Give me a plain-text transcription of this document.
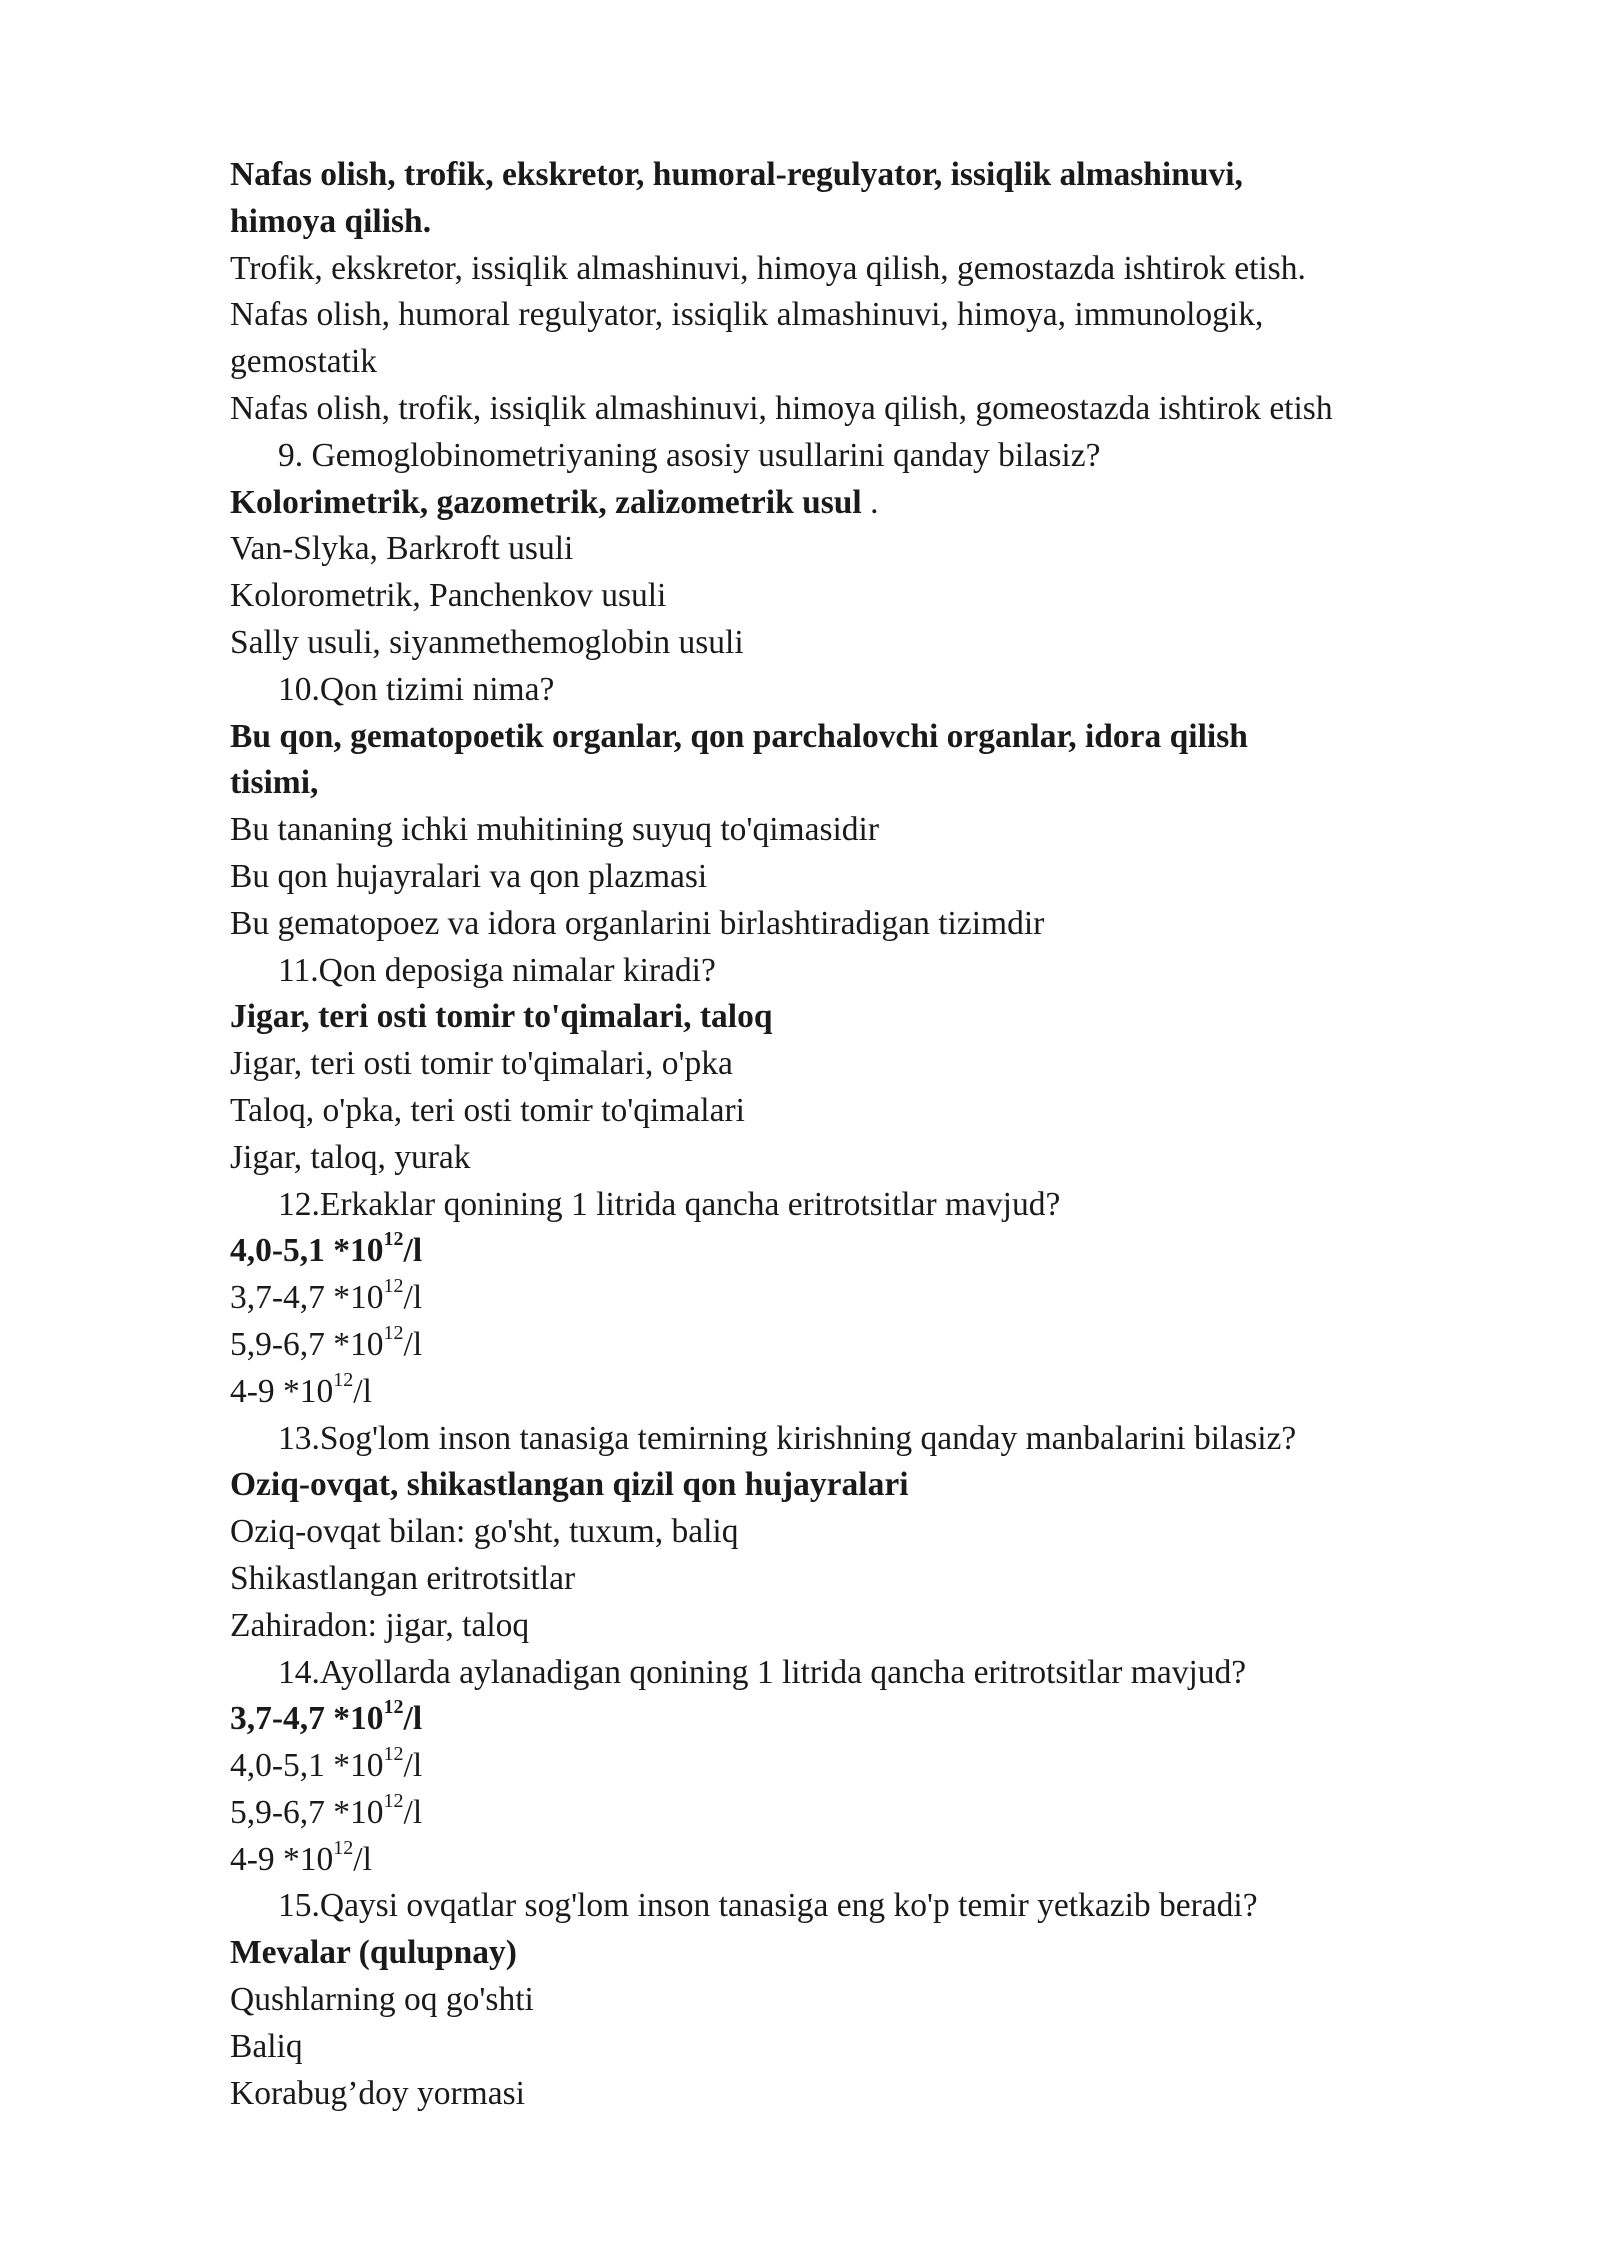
Nafas olish, trofik, ekskretor, humoral-regulyator, issiqlik almashinuvi,
himoya qilish.
Trofik, ekskretor, issiqlik almashinuvi, himoya qilish, gemostazda ishtirok etish.
Nafas olish, humoral regulyator, issiqlik almashinuvi, himoya, immunologik,
gemostatik
Nafas olish, trofik, issiqlik almashinuvi, himoya qilish, gomeostazda ishtirok etish
9. Gemoglobinometriyaning asosiy usullarini qanday bilasiz?
Kolorimetrik, gazometrik, zalizometrik usul .
Van-Slyka, Barkroft usuli
Kolorometrik, Panchenkov usuli
Sally usuli, siyanmethemoglobin usuli
10.Qon tizimi nima?
Bu qon, gematopoetik organlar, qon parchalovchi organlar, idora qilish
tisimi,
Bu tananing ichki muhitining suyuq to'qimasidir
Bu qon hujayralari va qon plazmasi
Bu gematopoez va idora organlarini birlashtiradigan tizimdir
11.Qon deposiga nimalar kiradi?
Jigar, teri osti tomir to'qimalari, taloq
Jigar, teri osti tomir to'qimalari, o'pka
Taloq, o'pka, teri osti tomir to'qimalari
Jigar, taloq, yurak
12.Erkaklar qonining 1 litrida qancha eritrotsitlar mavjud?
4,0-5,1 $*10^{12}/l$
3,7-4,7 $*10^{12}/l$
5,9-6,7 $*10^{12}/l$
4-9 $*10^{12}/l$
13.Sog'lom inson tanasiga temirning kirishning qanday manbalarini bilasiz?
Oziq-ovqat, shikastlangan qizil qon hujayralari
Oziq-ovqat bilan: go'sht, tuxum, baliq
Shikastlangan eritrotsitlar
Zahiradon: jigar, taloq
14.Ayollarda aylanadigan qonining 1 litrida qancha eritrotsitlar mavjud?
3,7-4,7 $*10^{12}/l$
4,0-5,1 $*10^{12}/l$
5,9-6,7 $*10^{12}/l$
4-9 $*10^{12}/l$
15.Qaysi ovqatlar sog'lom inson tanasiga eng ko'p temir yetkazib beradi?
Mevalar (qulupnay)
Qushlarning oq go'shti
Baliq
Korabug’doy yormasi
